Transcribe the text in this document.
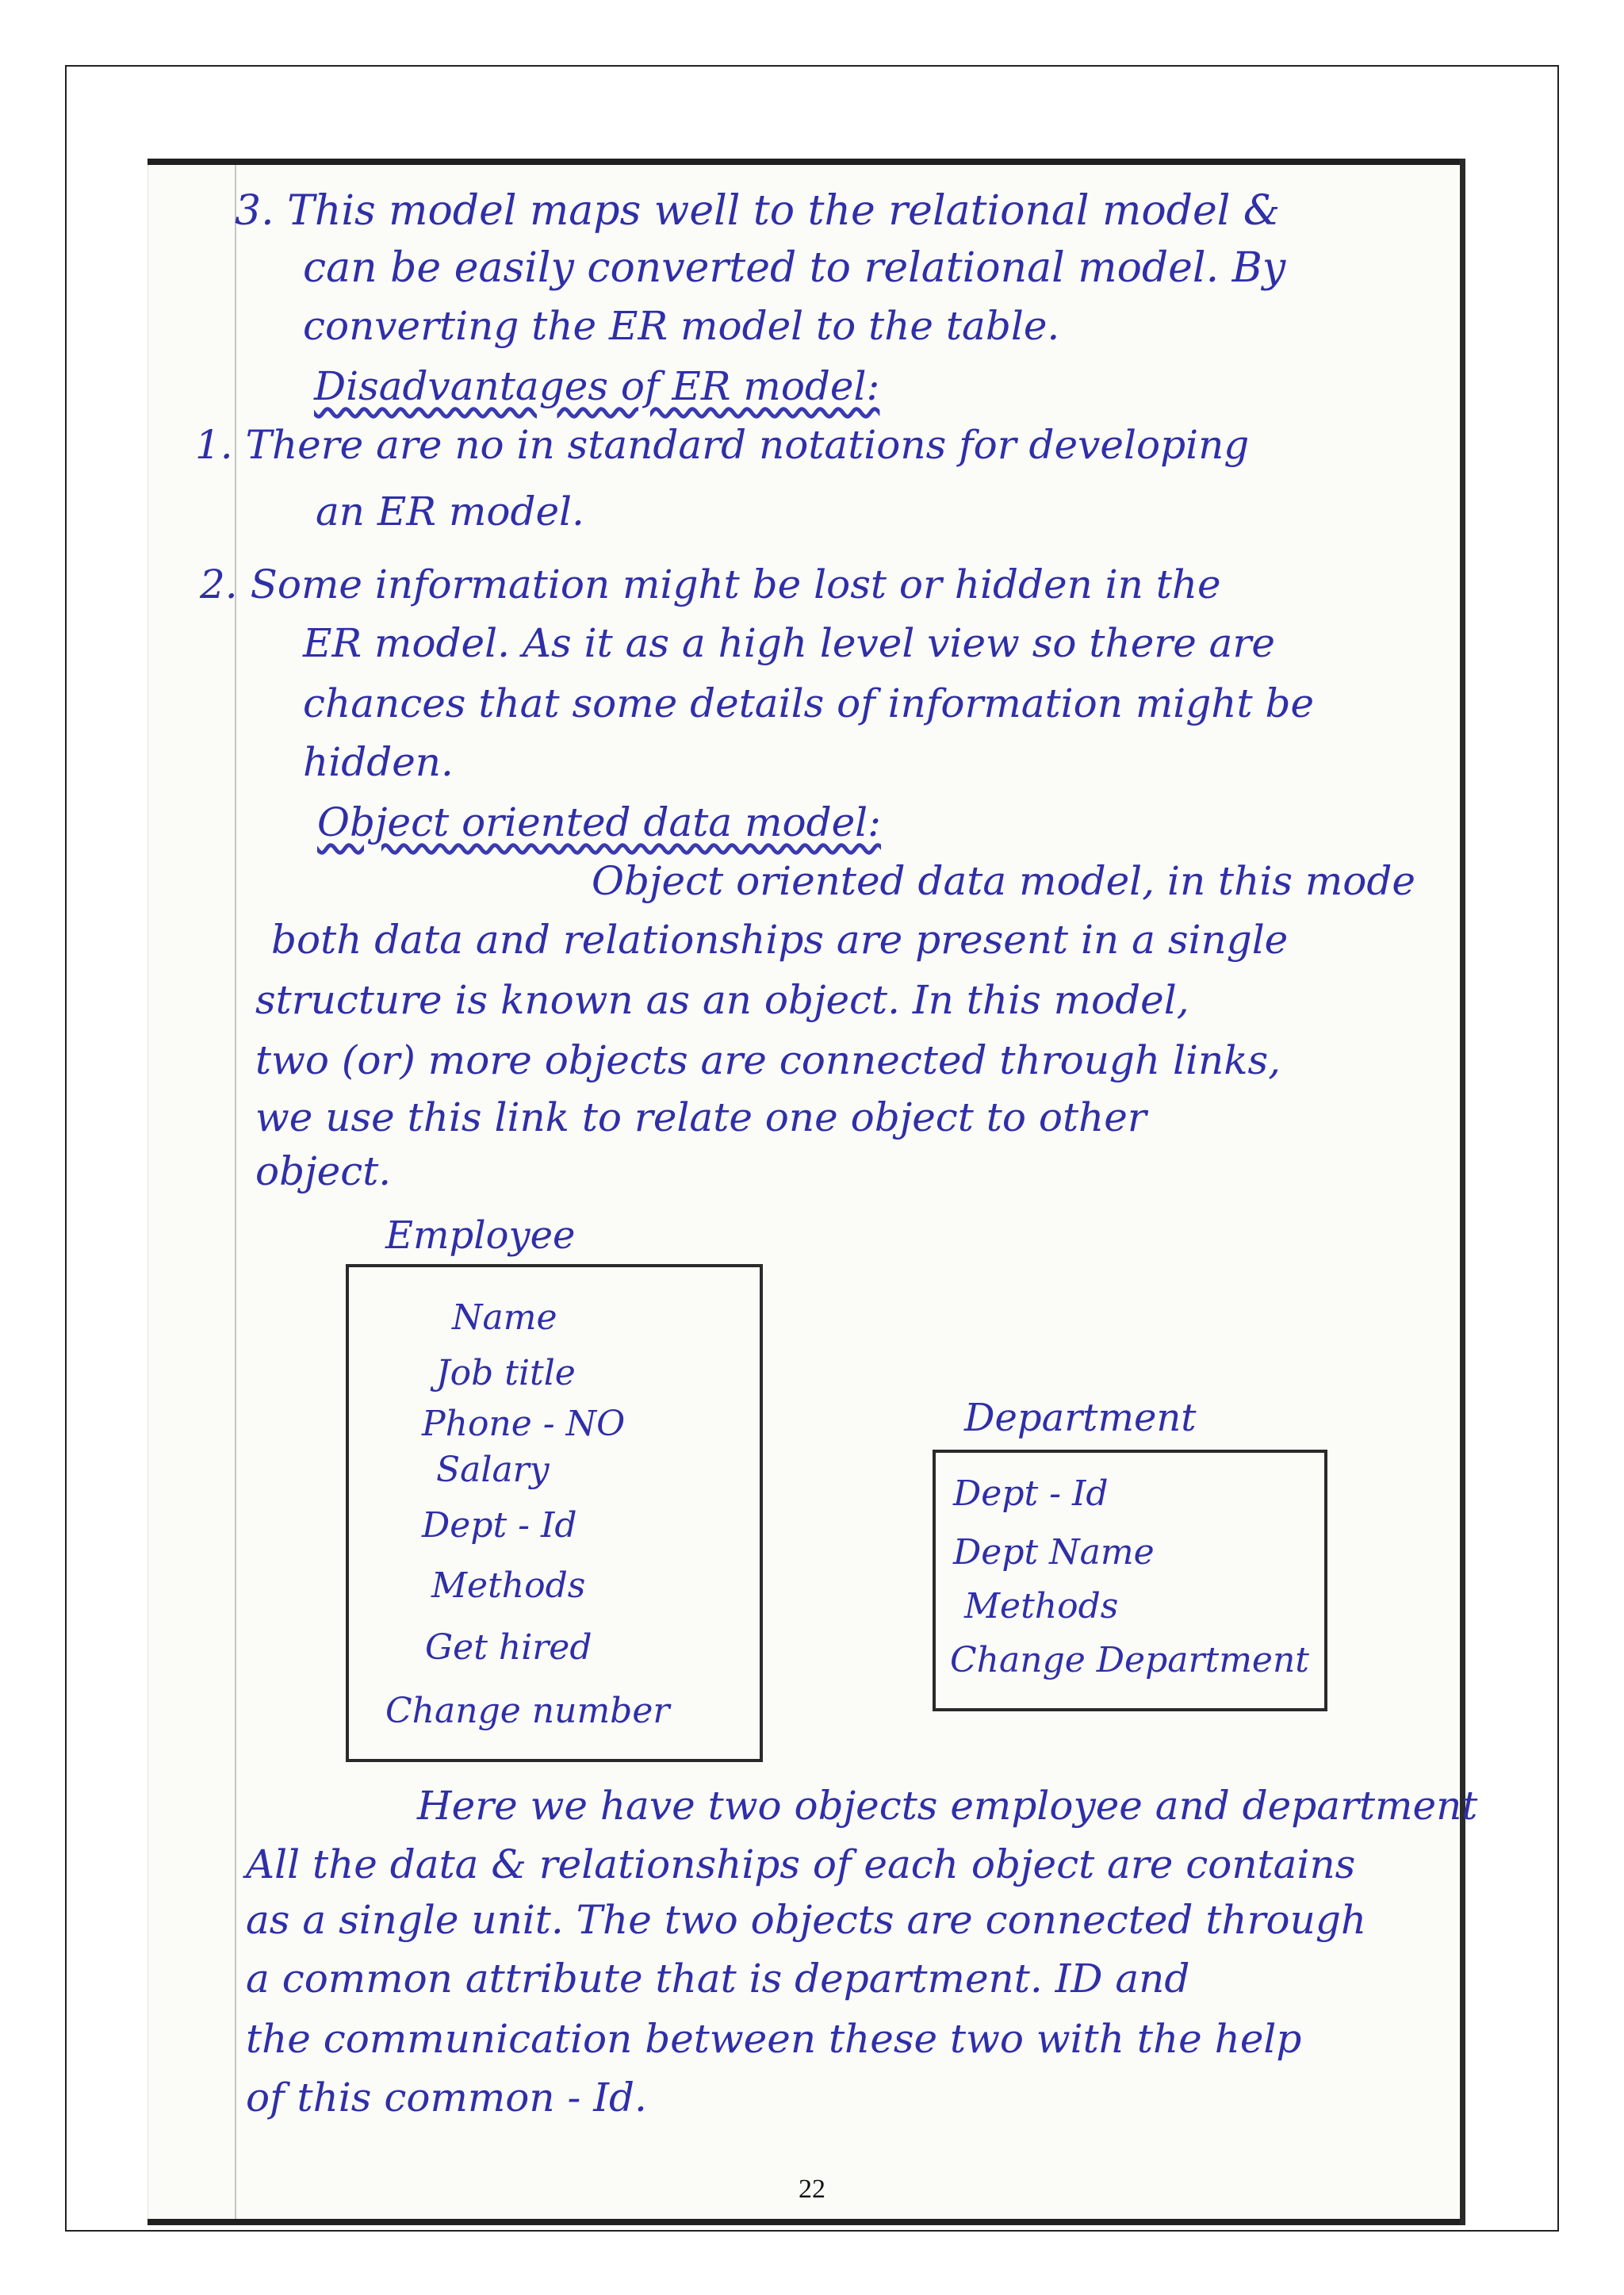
3. This model maps well to the relational model &
can be easily converted to relational model. By
converting the ER model to the table.
Disadvantages of ER model:
1. There are no in standard notations for developing
an ER model.
2. Some information might be lost or hidden in the
ER model. As it as a high level view so there are
chances that some details of information might be
hidden.
Object oriented data model:
Object oriented data model, in this mode
both data and relationships are present in a single
structure is known as an object. In this model,
two (or) more objects are connected through links,
we use this link to relate one object to other
object.
Employee
Name
Job title
Phone - NO
Salary
Dept - Id
Methods
Get hired
Change number
Department
Dept - Id
Dept Name
Methods
Change Department
Here we have two objects employee and department
All the data & relationships of each object are contains
as a single unit. The two objects are connected through
a common attribute that is department. ID and
the communication between these two with the help
of this common - Id.
22
